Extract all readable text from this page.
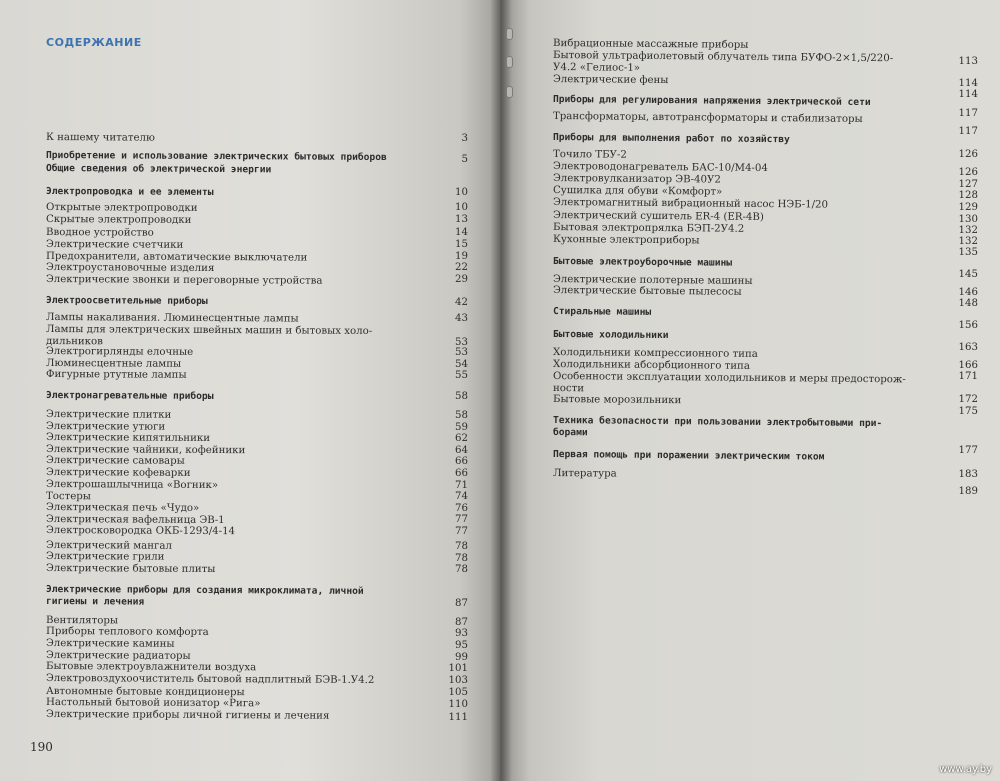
СОДЕРЖАНИЕ
К нашему читателю
Приобретение и использование электрических бытовых приборов
Общие сведения об электрической энергии
Электропроводка и ее элементы
Открытые электропроводки
Скрытые электропроводки
Вводное устройство
Электрические счетчики
Предохранители, автоматические выключатели
Электроустановочные изделия
Электрические звонки и переговорные устройства
Электроосветительные приборы
Лампы накаливания. Люминесцентные лампы
Лампы для электрических швейных машин и бытовых холо-
дильников
Электрогирлянды елочные
Люминесцентные лампы
Фигурные ртутные лампы
Электронагревательные приборы
Электрические плитки
Электрические утюги
Электрические кипятильники
Электрические чайники, кофейники
Электрические самовары
Электрические кофеварки
Электрошашлычница «Вогник»
Тостеры
Электрическая печь «Чудо»
Электрическая вафельница ЭВ-1
Электросковородка ОКБ-1293/4-14
Электрический мангал
Электрические грили
Электрические бытовые плиты
Электрические приборы для создания микроклимата, личной
гигиены и лечения
Вентиляторы
Приборы теплового комфорта
Электрические камины
Электрические радиаторы
Бытовые электроувлажнители воздуха
Электровоздухоочиститель бытовой надплитный БЭВ-1.У4.2
Автономные бытовые кондиционеры
Настольный бытовой ионизатор «Рига»
Электрические приборы личной гигиены и лечения
3
5
10
10
13
14
15
19
22
29
42
43
53
53
54
55
58
58
59
62
64
66
66
71
74
76
77
77
78
78
78
87
87
93
95
99
101
103
105
110
111
Вибрационные массажные приборы
Бытовой ультрафиолетовый облучатель типа БУФО-2×1,5/220-
У4.2 «Гелиос-1»
Электрические фены
Приборы для регулирования напряжения электрической сети
Трансформаторы, автотрансформаторы и стабилизаторы
Приборы для выполнения работ по хозяйству
Точило ТБУ-2
Электроводонагреватель БАС-10/М4-04
Электровулканизатор ЭВ-40У2
Сушилка для обуви «Комфорт»
Электромагнитный вибрационный насос НЭБ-1/20
Электрический сушитель ER-4 (ER-4B)
Бытовая электропрялка БЭП-2У4.2
Кухонные электроприборы
Бытовые электроуборочные машины
Электрические полотерные машины
Электрические бытовые пылесосы
Стиральные машины
Бытовые холодильники
Холодильники компрессионного типа
Холодильники абсорбционного типа
Особенности эксплуатации холодильников и меры предосторож-
ности
Бытовые морозильники
Техника безопасности при пользовании электробытовыми при-
борами
Первая помощь при поражении электрическим током
Литература
113
114
114
117
117
126
126
127
128
129
130
132
132
135
145
146
148
156
163
166
171
172
175
177
183
189
190
www.ay.by
